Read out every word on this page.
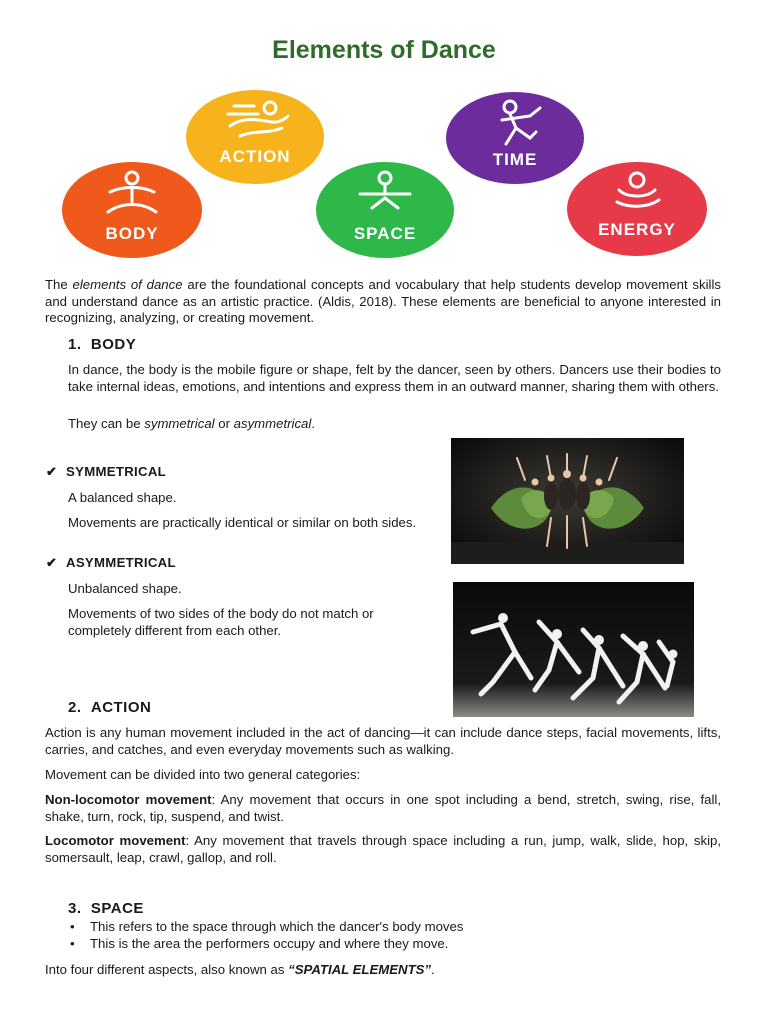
Elements of Dance
ACTION	TIME
BODY	SPACE	ENERGY

The elements of dance are the foundational concepts and vocabulary that help students develop movement skills and understand dance as an artistic practice. (Aldis, 2018). These elements are beneficial to anyone interested in recognizing, analyzing, or creating movement.

1. BODY

In dance, the body is the mobile figure or shape, felt by the dancer, seen by others. Dancers use their bodies to take internal ideas, emotions, and intentions and express them in an outward manner, sharing them with others.

They can be symmetrical or asymmetrical.

✔ SYMMETRICAL

A balanced shape.

Movements are practically identical or similar on both sides.

✔ ASYMMETRICAL

Unbalanced shape.

Movements of two sides of the body do not match or completely different from each other.

2. ACTION

Action is any human movement included in the act of dancing—it can include dance steps, facial movements, lifts, carries, and catches, and even everyday movements such as walking.

Movement can be divided into two general categories:

Non-locomotor movement: Any movement that occurs in one spot including a bend, stretch, swing, rise, fall, shake, turn, rock, tip, suspend, and twist.

Locomotor movement: Any movement that travels through space including a run, jump, walk, slide, hop, skip, somersault, leap, crawl, gallop, and roll.

3. SPACE
• This refers to the space through which the dancer's body moves
• This is the area the performers occupy and where they move.

Into four different aspects, also known as “SPATIAL ELEMENTS”.
